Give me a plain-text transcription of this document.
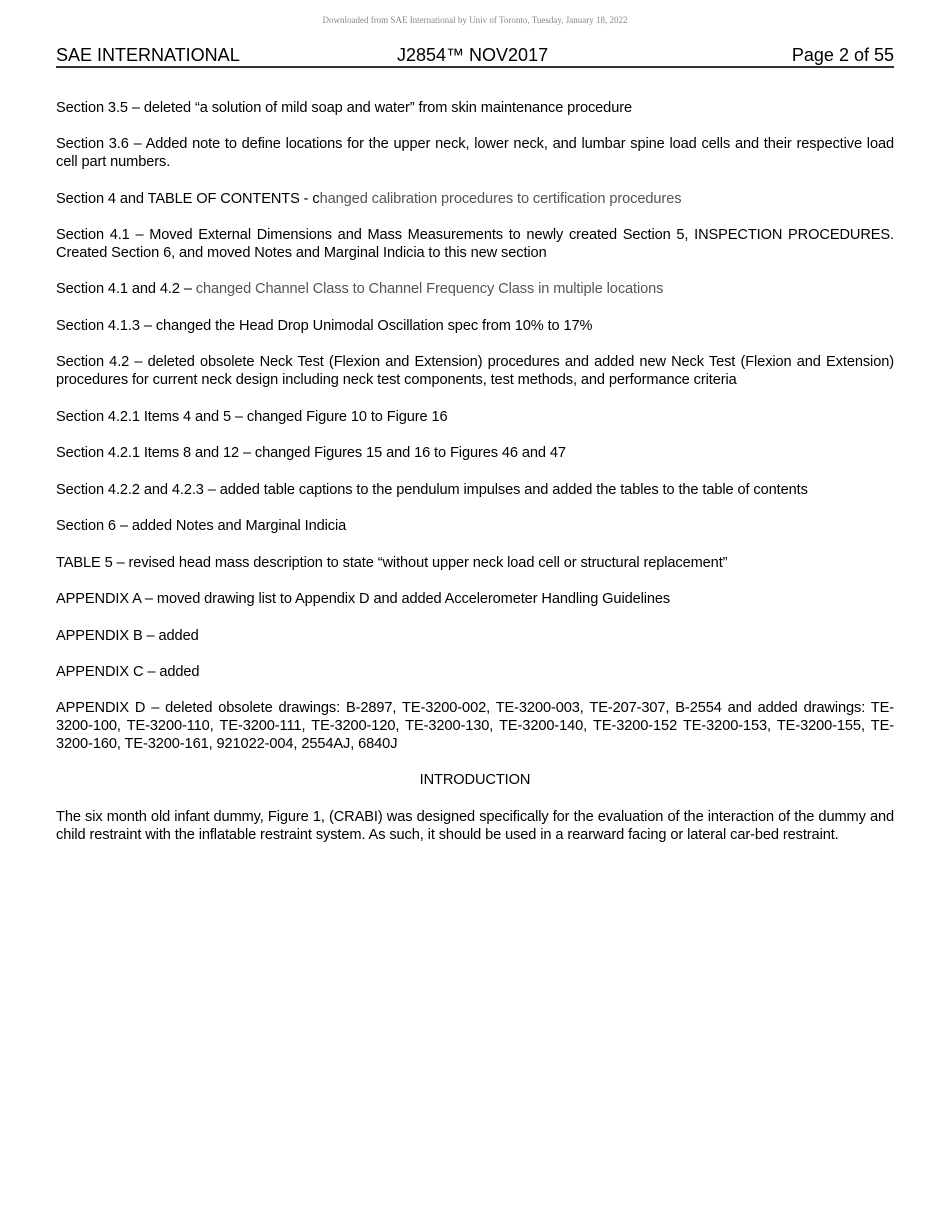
Downloaded from SAE International by Univ of Toronto, Tuesday, January 18, 2022
SAE INTERNATIONAL	J2854™ NOV2017	Page 2 of 55
Section 3.5 – deleted “a solution of mild soap and water” from skin maintenance procedure
Section 3.6 – Added note to define locations for the upper neck, lower neck, and lumbar spine load cells and their respective load cell part numbers.
Section 4 and TABLE OF CONTENTS - changed calibration procedures to certification procedures
Section 4.1 – Moved External Dimensions and Mass Measurements to newly created Section 5, INSPECTION PROCEDURES. Created Section 6, and moved Notes and Marginal Indicia to this new section
Section 4.1 and 4.2 – changed Channel Class to Channel Frequency Class in multiple locations
Section 4.1.3 – changed the Head Drop Unimodal Oscillation spec from 10% to 17%
Section 4.2 – deleted obsolete Neck Test (Flexion and Extension) procedures and added new Neck Test (Flexion and Extension) procedures for current neck design including neck test components, test methods, and performance criteria
Section 4.2.1 Items 4 and 5 – changed Figure 10 to Figure 16
Section 4.2.1 Items 8 and 12 – changed Figures 15 and 16 to Figures 46 and 47
Section 4.2.2 and 4.2.3 – added table captions to the pendulum impulses and added the tables to the table of contents
Section 6 – added Notes and Marginal Indicia
TABLE 5 – revised head mass description to state “without upper neck load cell or structural replacement”
APPENDIX A – moved drawing list to Appendix D and added Accelerometer Handling Guidelines
APPENDIX B – added
APPENDIX C – added
APPENDIX D – deleted obsolete drawings: B-2897, TE-3200-002, TE-3200-003, TE-207-307, B-2554 and added drawings: TE-3200-100, TE-3200-110, TE-3200-111, TE-3200-120, TE-3200-130, TE-3200-140, TE-3200-152 TE-3200-153, TE-3200-155, TE-3200-160, TE-3200-161, 921022-004, 2554AJ, 6840J
INTRODUCTION
The six month old infant dummy, Figure 1, (CRABI) was designed specifically for the evaluation of the interaction of the dummy and child restraint with the inflatable restraint system. As such, it should be used in a rearward facing or lateral car-bed restraint.
